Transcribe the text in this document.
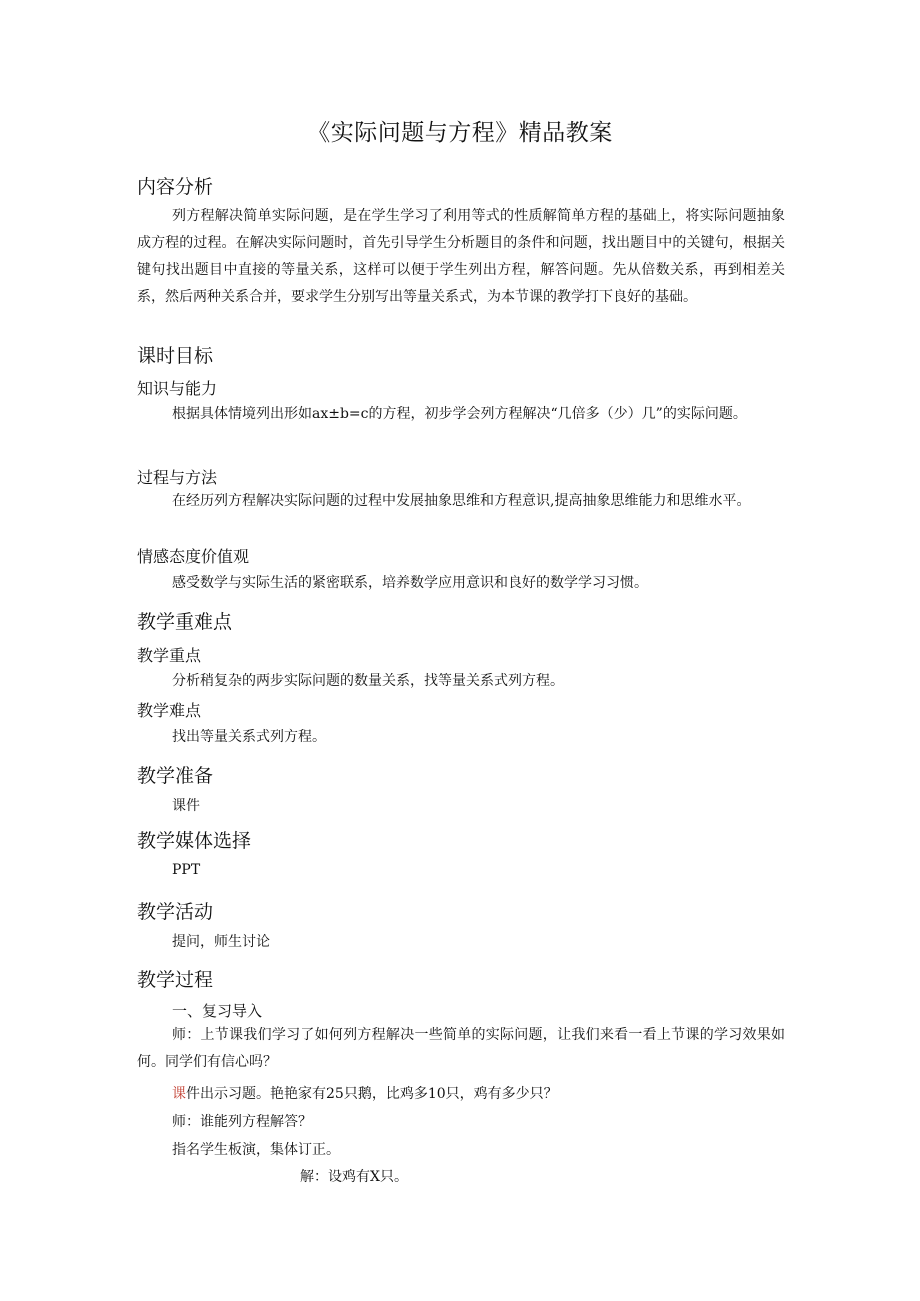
《实际问题与方程》精品教案
内容分析

列方程解决简单实际问题，是在学生学习了利用等式的性质解简单方程的基础上，将实际问题抽象成方程的过程。在解决实际问题时，首先引导学生分析题目的条件和问题，找出题目中的关键句，根据关键句找出题目中直接的等量关系，这样可以便于学生列出方程，解答问题。先从倍数关系，再到相差关系，然后两种关系合并，要求学生分别写出等量关系式，为本节课的教学打下良好的基础。

课时目标
知识与能力

根据具体情境列出形如ax±b=c的方程，初步学会列方程解决“几倍多（少）几”的实际问题。

过程与方法

在经历列方程解决实际问题的过程中发展抽象思维和方程意识,提高抽象思维能力和思维水平。

情感态度价值观
感受数学与实际生活的紧密联系，培养数学应用意识和良好的数学学习习惯。
教学重难点
教学重点
分析稍复杂的两步实际问题的数量关系，找等量关系式列方程。
教学难点
找出等量关系式列方程。
教学准备
课件
教学媒体选择
PPT
教学活动
提问，师生讨论
教学过程
一、复习导入

师：上节课我们学习了如何列方程解决一些简单的实际问题，让我们来看一看上节课的学习效果如何。同学们有信心吗？

课件出示习题。艳艳家有25只鹅，比鸡多10只，鸡有多少只？
师：谁能列方程解答？
指名学生板演，集体订正。
解：设鸡有X只。
